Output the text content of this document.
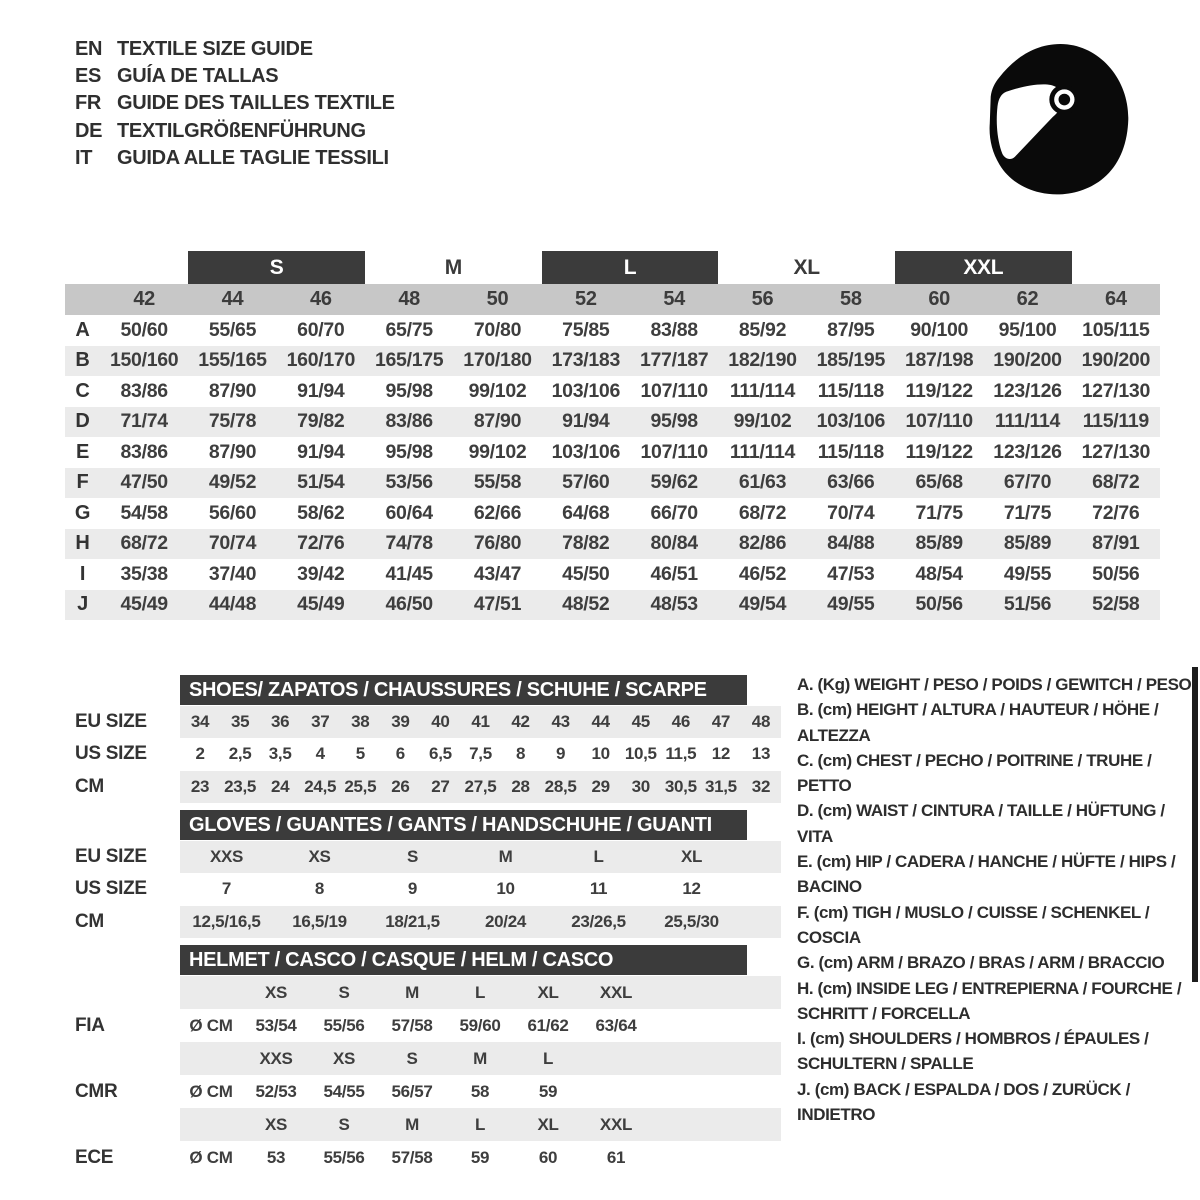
EN TEXTILE SIZE GUIDE
ES GUÍA DE TALLAS
FR GUIDE DES TAILLES TEXTILE
DE TEXTILGRÖßENFÜHRUNG
IT	GUIDA ALLE TAGLIE TESSILI
S	M	L	XL	XXL
42	44	46	48	50	52	54	56	58	60	62	64
A	50/60	55/65	60/70	65/75	70/80	75/85	83/88	85/92	87/95	90/100	95/100	105/115
B	150/160	155/165	160/170	165/175	170/180	173/183	177/187	182/190	185/195	187/198	190/200	190/200
C	83/86	87/90	91/94	95/98	99/102	103/106	107/110	111/114	115/118	119/122	123/126	127/130
D	71/74	75/78	79/82	83/86	87/90	91/94	95/98	99/102	103/106	107/110	111/114	115/119
E	83/86	87/90	91/94	95/98	99/102	103/106	107/110	111/114	115/118	119/122	123/126	127/130
F	47/50	49/52	51/54	53/56	55/58	57/60	59/62	61/63	63/66	65/68	67/70	68/72
G	54/58	56/60	58/62	60/64	62/66	64/68	66/70	68/72	70/74	71/75	71/75	72/76
H	68/72	70/74	72/76	74/78	76/80	78/82	80/84	82/86	84/88	85/89	85/89	87/91
I	35/38	37/40	39/42	41/45	43/47	45/50	46/51	46/52	47/53	48/54	49/55	50/56
J	45/49	44/48	45/49	46/50	47/51	48/52	48/53	49/54	49/55	50/56	51/56	52/58
SHOES/ ZAPATOS / CHAUSSURES / SCHUHE / SCARPE
EU SIZE	34	35	36	37	38	39	40	41	42	43	44	45	46	47	48
US SIZE	2	2,5	3,5	4	5	6	6,5	7,5	8	9	10 10,5 11,5 12	13
CM	23 23,5 24 24,5 25,5 26	27 27,5 28 28,5 29	30 30,5 31,5 32
GLOVES / GUANTES / GANTS / HANDSCHUHE / GUANTI
EU SIZE	XXS	XS	S	M	L	XL
US SIZE	7	8	9	10	11	12
CM	12,5/16,5	16,5/19	18/21,5	20/24	23/26,5	25,5/30
HELMET / CASCO / CASQUE / HELM / CASCO
XS	S	M	L	XL	XXL
FIA	Ø CM	53/54	55/56	57/58	59/60	61/62	63/64
XXS	XS	S	M	L
CMR	Ø CM	52/53	54/55	56/57	58	59
XS	S	M	L	XL	XXL
ECE	Ø CM	53	55/56	57/58	59	60	61
A. (Kg) WEIGHT / PESO / POIDS / GEWITCH / PESO
B. (cm) HEIGHT / ALTURA / HAUTEUR / HÖHE / ALTEZZA
C. (cm) CHEST / PECHO / POITRINE / TRUHE / PETTO
D. (cm) WAIST / CINTURA / TAILLE / HÜFTUNG / VITA
E. (cm) HIP / CADERA / HANCHE / HÜFTE / HIPS / BACINO
F. (cm) TIGH / MUSLO / CUISSE / SCHENKEL / COSCIA
G. (cm) ARM / BRAZO / BRAS / ARM / BRACCIO
H. (cm) INSIDE LEG / ENTREPIERNA / FOURCHE /
SCHRITT / FORCELLA
I. (cm) SHOULDERS / HOMBROS / ÉPAULES /
SCHULTERN / SPALLE
J. (cm) BACK / ESPALDA / DOS / ZURÜCK / INDIETRO
